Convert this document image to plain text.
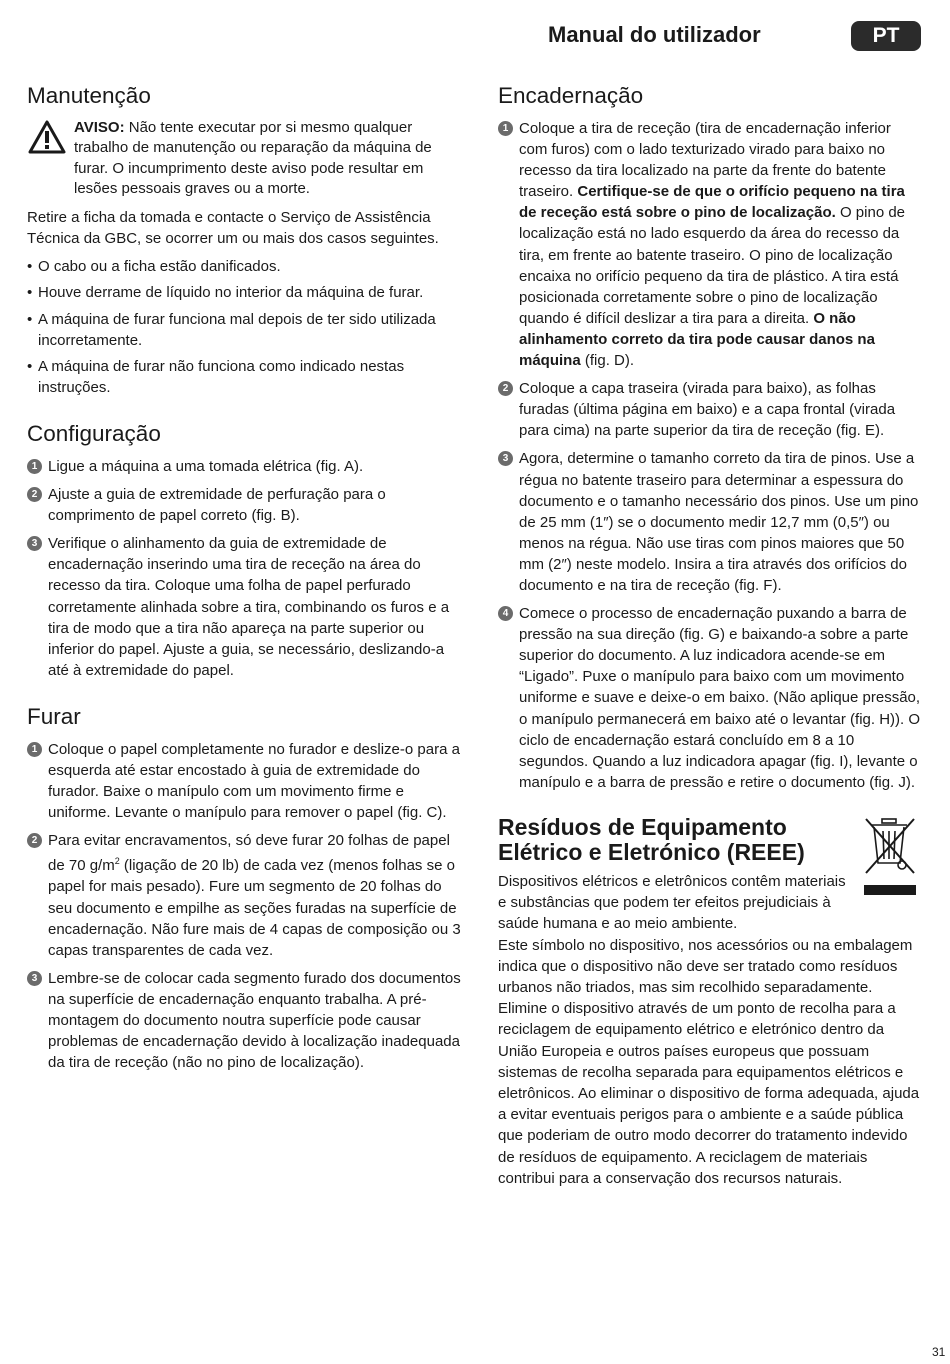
Manual do utilizador	PT
Manutenção
AVISO: Não tente executar por si mesmo qualquer trabalho de manutenção ou reparação da máquina de furar. O incumprimento deste aviso pode resultar em lesões pessoais graves ou a morte.

Retire a ficha da tomada e contacte o Serviço de Assistência Técnica da GBC, se ocorrer um ou mais dos casos seguintes.

• O cabo ou a ficha estão danificados.
• Houve derrame de líquido no interior da máquina de furar.
• A máquina de furar funciona mal depois de ter sido utilizada incorretamente.
• A máquina de furar não funciona como indicado nestas instruções.
Configuração
1 Ligue a máquina a uma tomada elétrica (fig. A).
2 Ajuste a guia de extremidade de perfuração para o comprimento de papel correto (fig. B).
3 Verifique o alinhamento da guia de extremidade de encadernação inserindo uma tira de receção na área do recesso da tira. Coloque uma folha de papel perfurado corretamente alinhada sobre a tira, combinando os furos e a tira de modo que a tira não apareça na parte superior ou inferior do papel. Ajuste a guia, se necessário, deslizando-a até à extremidade do papel.
Furar
1 Coloque o papel completamente no furador e deslize-o para a esquerda até estar encostado à guia de extremidade do furador. Baixe o manípulo com um movimento firme e uniforme. Levante o manípulo para remover o papel (fig. C).
2 Para evitar encravamentos, só deve furar 20 folhas de papel de 70 $g/m^2$ (ligação de 20 lb) de cada vez (menos folhas se o papel for mais pesado). Fure um segmento de 20 folhas do seu documento e empilhe as seções furadas na superfície de encadernação. Não fure mais de 4 capas de composição ou 3 capas transparentes de cada vez.
3 Lembre-se de colocar cada segmento furado dos documentos na superfície de encadernação enquanto trabalha. A pré-montagem do documento noutra superfície pode causar problemas de encadernação devido à localização inadequada da tira de receção (não no pino de localização).
Encadernação
1 Coloque a tira de receção (tira de encadernação inferior com furos) com o lado texturizado virado para baixo no recesso da tira localizado na parte da frente do batente traseiro. Certifique-se de que o orifício pequeno na tira de receção está sobre o pino de localização. O pino de localização está no lado esquerdo da área do recesso da tira, em frente ao batente traseiro. O pino de localização encaixa no orifício pequeno da tira de plástico. A tira está posicionada corretamente sobre o pino de localização quando é difícil deslizar a tira para a direita. O não alinhamento correto da tira pode causar danos na máquina (fig. D).
2 Coloque a capa traseira (virada para baixo), as folhas furadas (última página em baixo) e a capa frontal (virada para cima) na parte superior da tira de receção (fig. E).
3 Agora, determine o tamanho correto da tira de pinos. Use a régua no batente traseiro para determinar a espessura do documento e o tamanho necessário dos pinos. Use um pino de 25 mm (1″) se o documento medir 12,7 mm (0,5″) ou menos na régua. Não use tiras com pinos maiores que 50 mm (2″) neste modelo. Insira a tira através dos orifícios do documento e na tira de receção (fig. F).
4 Comece o processo de encadernação puxando a barra de pressão na sua direção (fig. G) e baixando-a sobre a parte superior do documento. A luz indicadora acende-se em “Ligado”. Puxe o manípulo para baixo com um movimento uniforme e suave e deixe-o em baixo. (Não aplique pressão, o manípulo permanecerá em baixo até o levantar (fig. H)). O ciclo de encadernação estará concluído em 8 a 10 segundos. Quando a luz indicadora apagar (fig. I), levante o manípulo e a barra de pressão e retire o documento (fig. J).
Resíduos de Equipamento Elétrico e Eletrónico (REEE)
Dispositivos elétricos e eletrônicos contêm materiais e substâncias que podem ter efeitos prejudiciais à saúde humana e ao meio ambiente.
Este símbolo no dispositivo, nos acessórios ou na embalagem indica que o dispositivo não deve ser tratado como resíduos urbanos não triados, mas sim recolhido separadamente. Elimine o dispositivo através de um ponto de recolha para a reciclagem de equipamento elétrico e eletrónico dentro da União Europeia e outros países europeus que possuam sistemas de recolha separada para equipamentos elétricos e eletrônicos. Ao eliminar o dispositivo de forma adequada, ajuda a evitar eventuais perigos para o ambiente e a saúde pública que poderiam de outro modo decorrer do tratamento indevido de resíduos de equipamento. A reciclagem de materiais contribui para a conservação dos recursos naturais.
31
